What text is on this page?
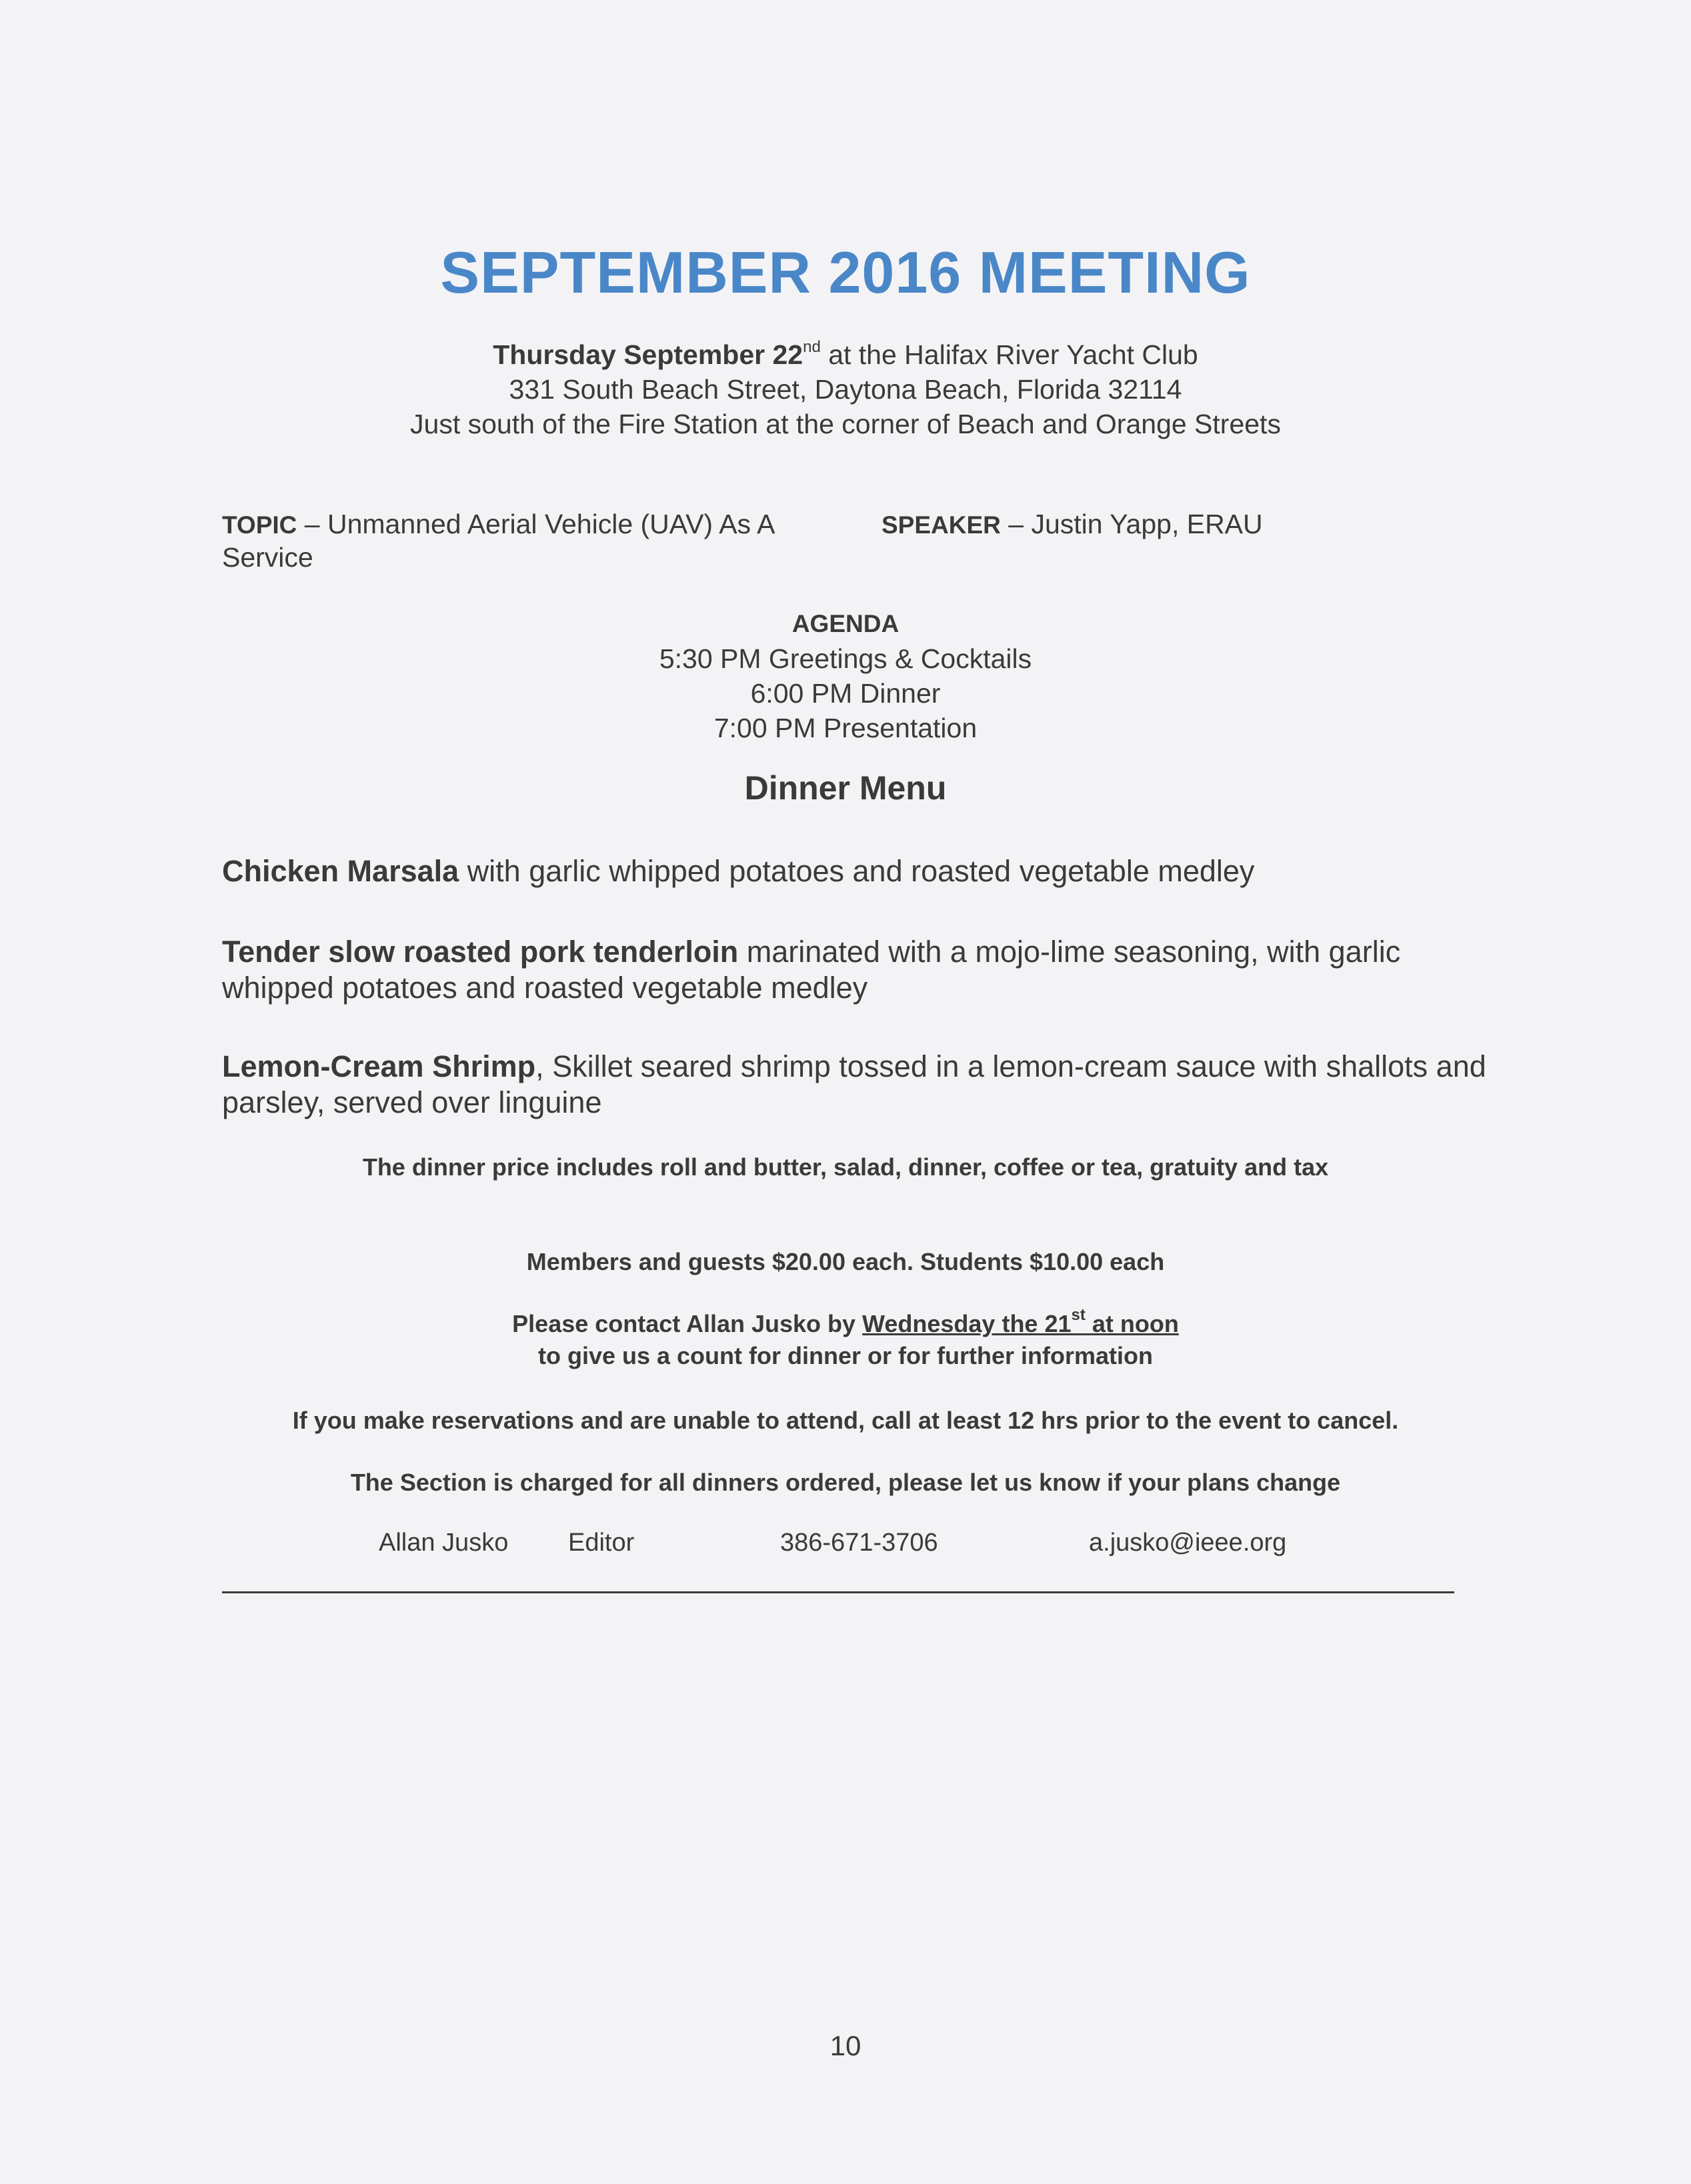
SEPTEMBER 2016 MEETING
Thursday September 22nd at the Halifax River Yacht Club
331 South Beach Street, Daytona Beach, Florida 32114
Just south of the Fire Station at the corner of Beach and Orange Streets
TOPIC – Unmanned Aerial Vehicle (UAV) As A Service
SPEAKER – Justin Yapp, ERAU
AGENDA
5:30 PM Greetings & Cocktails
6:00 PM Dinner
7:00 PM Presentation
Dinner Menu
Chicken Marsala with garlic whipped potatoes and roasted vegetable medley
Tender slow roasted pork tenderloin marinated with a mojo-lime seasoning, with garlic whipped potatoes and roasted vegetable medley
Lemon-Cream Shrimp, Skillet seared shrimp tossed in a lemon-cream sauce with shallots and parsley, served over linguine
The dinner price includes roll and butter, salad, dinner, coffee or tea, gratuity and tax
Members and guests $20.00 each. Students $10.00 each
Please contact Allan Jusko by Wednesday the 21st at noon
to give us a count for dinner or for further information
If you make reservations and are unable to attend, call at least 12 hrs prior to the event to cancel.
The Section is charged for all dinners ordered, please let us know if your plans change
Allan Jusko Editor	386-671-3706	a.jusko@ieee.org
10
